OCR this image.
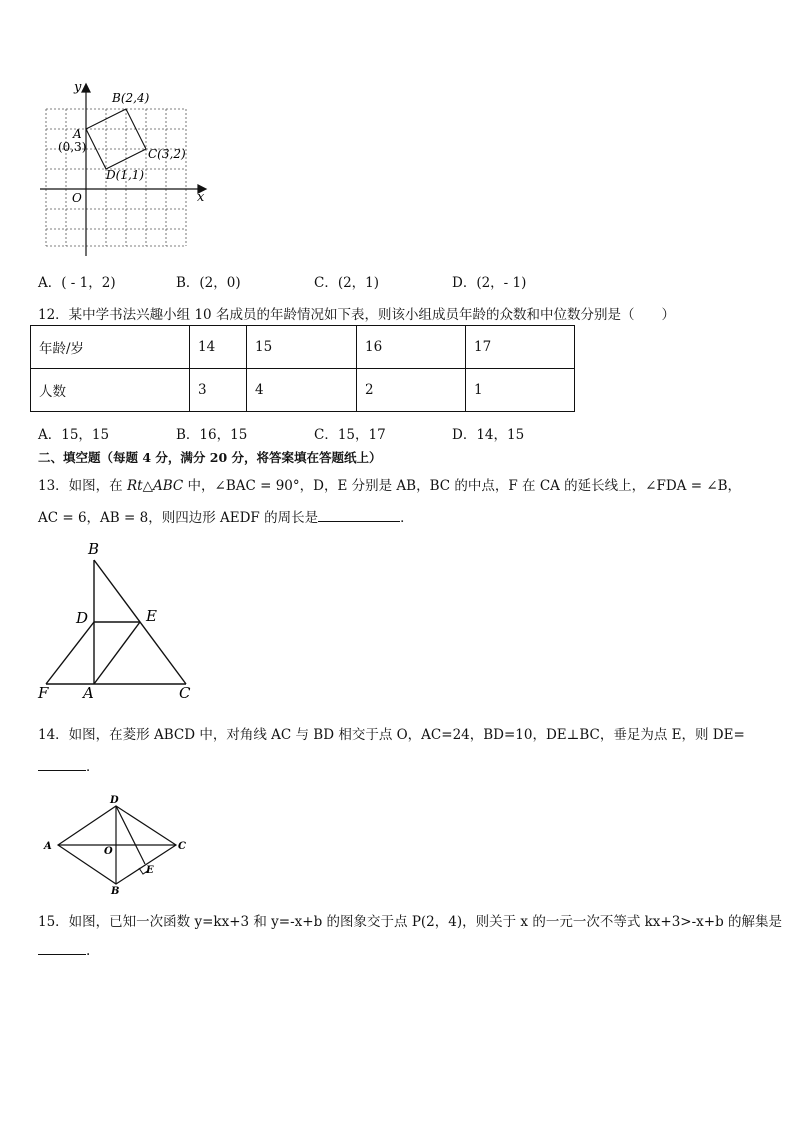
x
y
O
B(2,4)
A
(0,3)	C(3,2)
D(1,1)
A．( - 1，2)	B．(2，0)	C．(2，1)	D．(2，- 1)
12．某中学书法兴趣小组 10 名成员的年龄情况如下表，则该小组成员年龄的众数和中位数分别是（　　）
年龄/岁	14	15	16	17
人数	3	4	2	1
A．15，15	B．16，15	C．15，17	D．14，15
二、填空题（每题 4 分，满分 20 分，将答案填在答题纸上）
13．如图，在 Rt△ABC 中，∠BAC = 90°，D，E 分别是 AB，BC 的中点，F 在 CA 的延长线上，∠FDA = ∠B，
AC = 6，AB = 8，则四边形 AEDF 的周长是	．
B
D	E
F A	C
14．如图，在菱形 ABCD 中，对角线 AC 与 BD 相交于点 O，AC=24，BD=10，DE⊥BC，垂足为点 E，则 DE=
．
D
A	O	C
E
B
15．如图，已知一次函数 y=kx+3 和 y=-x+b 的图象交于点 P(2，4)，则关于 x 的一元一次不等式 kx+3>-x+b 的解集是
.
